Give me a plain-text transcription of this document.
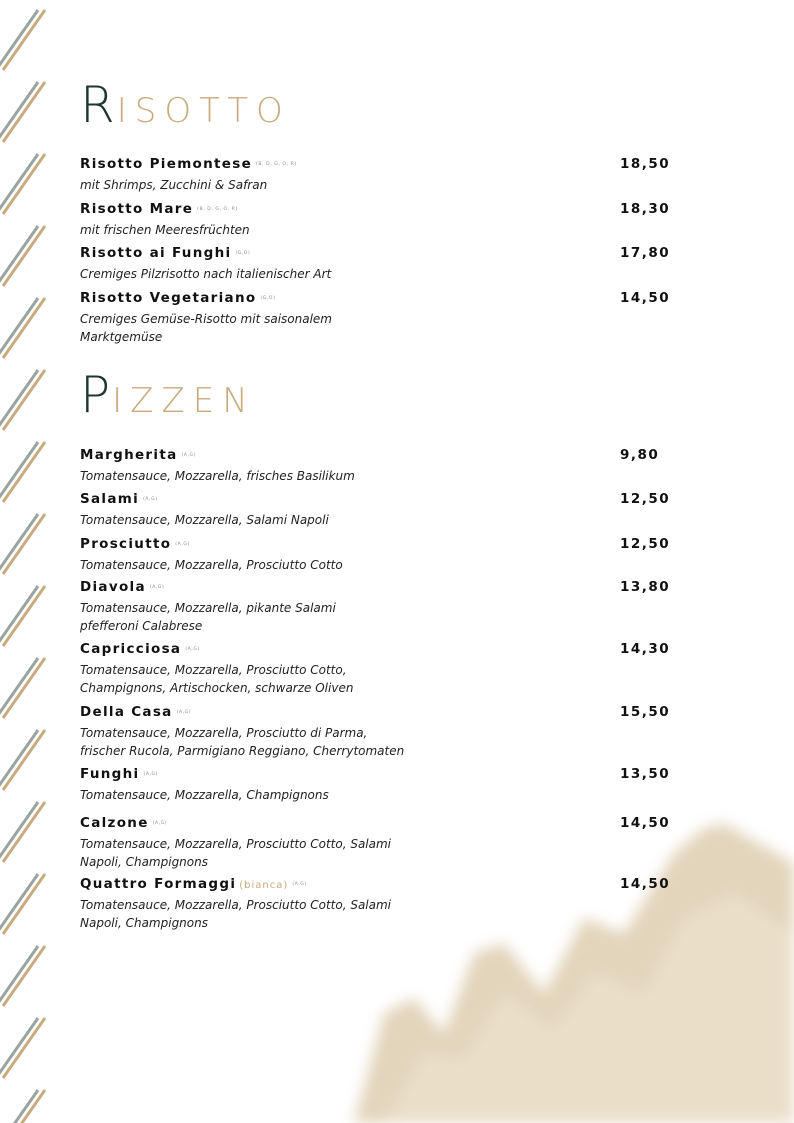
RISOTTO
Risotto Piemontese (B, D, G, O, R)	18,50
mit Shrimps, Zucchini & Safran
Risotto Mare (B, D, G, O, R)	18,30
mit frischen Meeresfrüchten
Risotto ai Funghi (G,O)	17,80
Cremiges Pilzrisotto nach italienischer Art
Risotto Vegetariano (G,O)	14,50
Cremiges Gemüse-Risotto mit saisonalem
Marktgemüse
PIZZEN
Margherita (A,G)	9,80
Tomatensauce, Mozzarella, frisches Basilikum
Salami (A,G)	12,50
Tomatensauce, Mozzarella, Salami Napoli
Prosciutto (A,G)	12,50
Tomatensauce, Mozzarella, Prosciutto Cotto
Diavola (A,G)	13,80
Tomatensauce, Mozzarella, pikante Salami
pfefferoni Calabrese
Capricciosa (A,G)	14,30
Tomatensauce, Mozzarella, Prosciutto Cotto,
Champignons, Artischocken, schwarze Oliven
Della Casa (A,G)	15,50
Tomatensauce, Mozzarella, Prosciutto di Parma,
frischer Rucola, Parmigiano Reggiano, Cherrytomaten
Funghi (A,G)	13,50
Tomatensauce, Mozzarella, Champignons
Calzone (A,G)	14,50
Tomatensauce, Mozzarella, Prosciutto Cotto, Salami
Napoli, Champignons
Quattro Formaggi (bianca) (A,G)	14,50
Tomatensauce, Mozzarella, Prosciutto Cotto, Salami
Napoli, Champignons
